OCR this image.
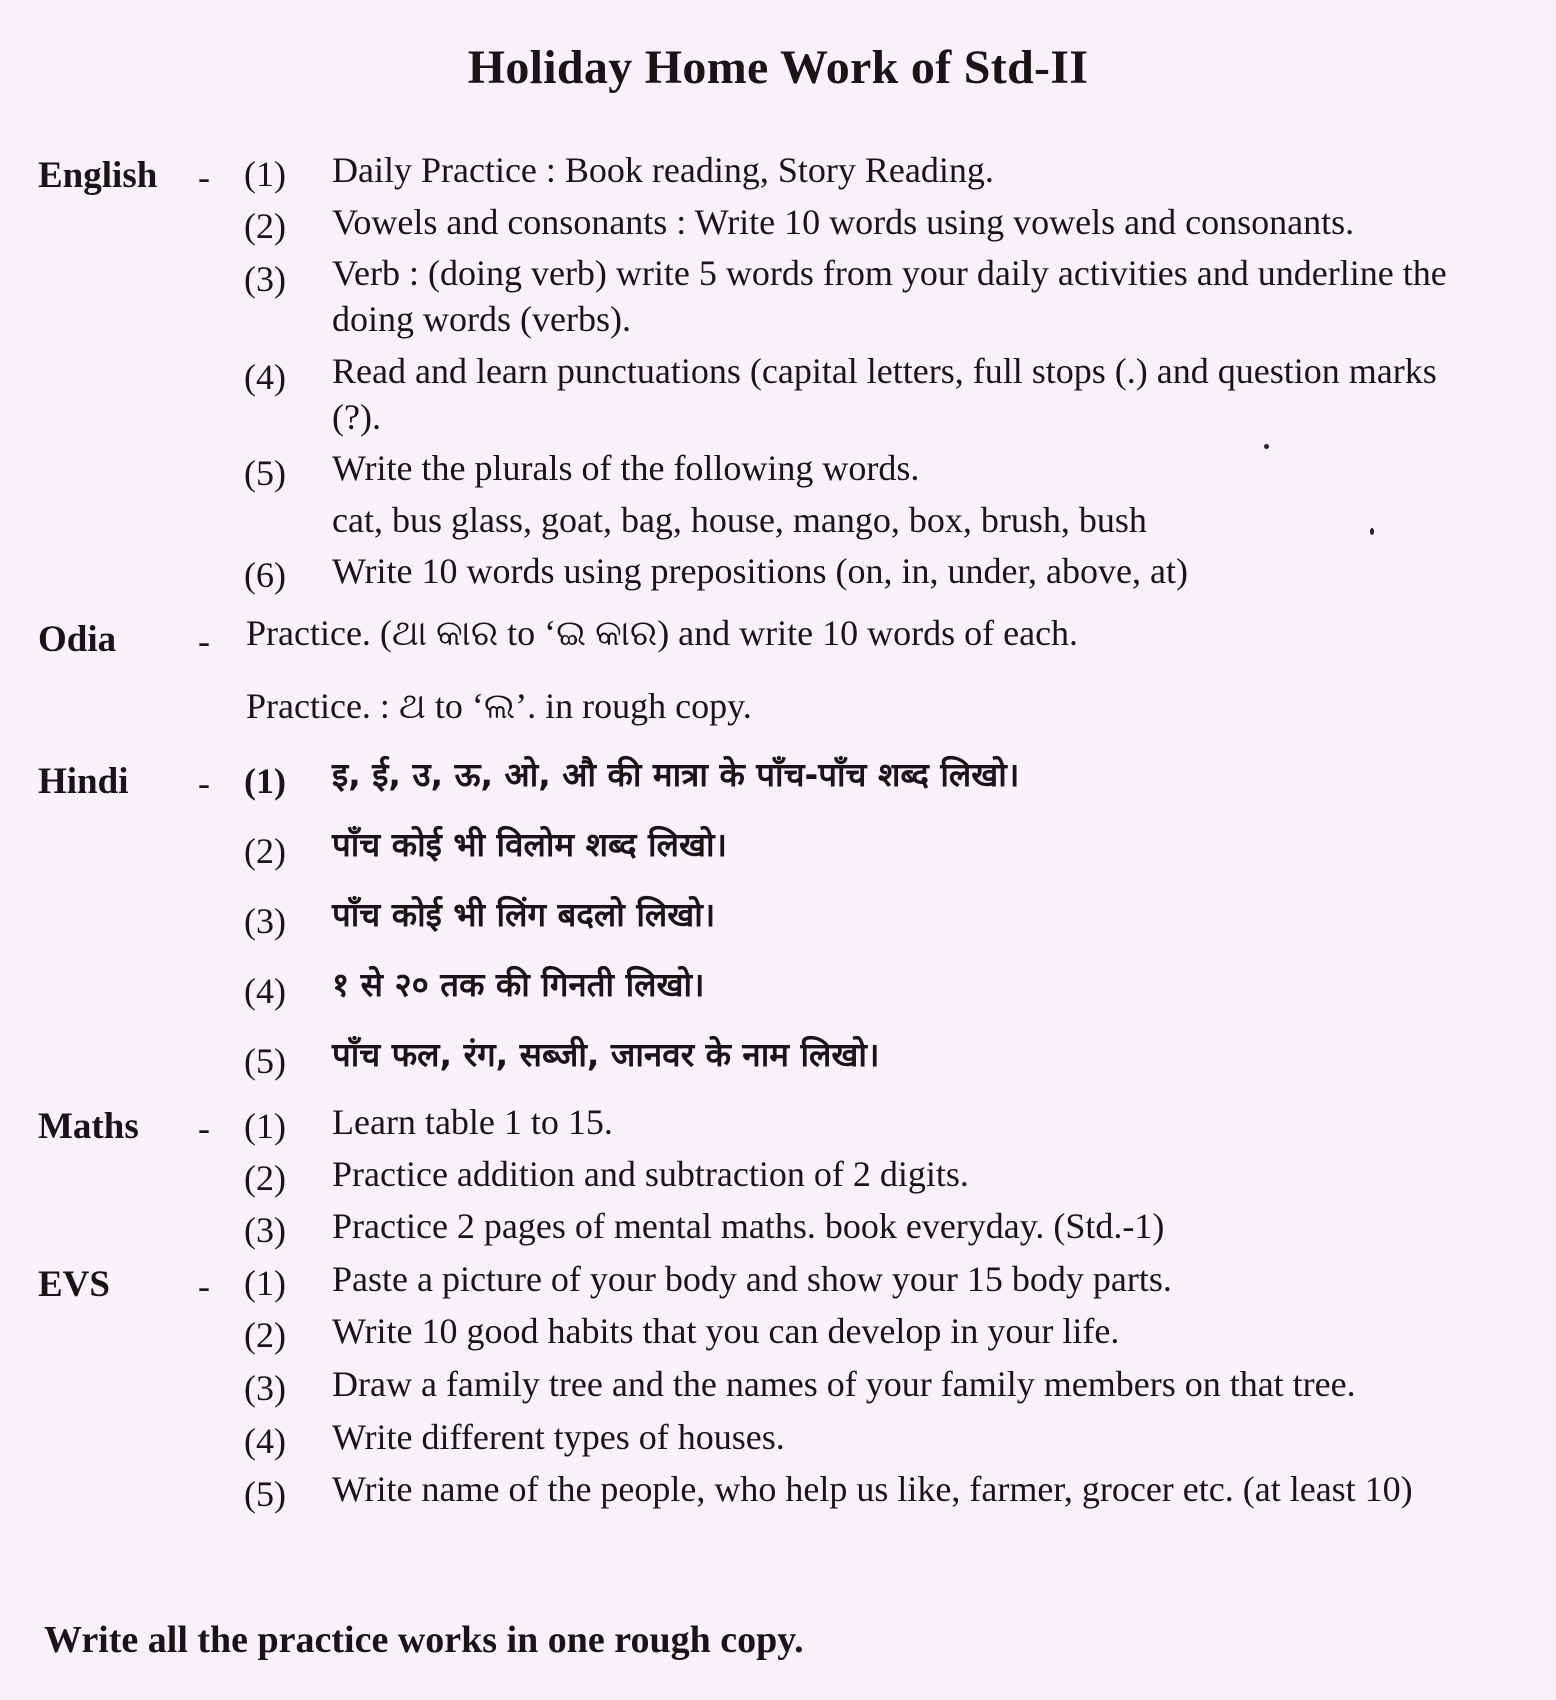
Holiday Home Work of Std-II
English - (1) Daily Practice : Book reading, Story Reading.
(2) Vowels and consonants : Write 10 words using vowels and consonants.
(3) Verb : (doing verb) write 5 words from your daily activities and underline the doing words (verbs).
(4) Read and learn punctuations (capital letters, full stops (.) and question marks (?).
(5) Write the plurals of the following words.
cat, bus glass, goat, bag, house, mango, box, brush, bush
(6) Write 10 words using prepositions (on, in, under, above, at)
Odia - Practice. (ଥା କାର to ‘ଇ କାର) and write 10 words of each.
Practice. : ଥ to ‘ଲ’. in rough copy.
Hindi - (1) इ, ई, उ, ऊ, ओ, औ की मात्रा के पाँच-पाँच शब्द लिखो।
(2) पाँच कोई भी विलोम शब्द लिखो।
(3) पाँच कोई भी लिंग बदलो लिखो।
(4) १ से २० तक की गिनती लिखो।
(5) पाँच फल, रंग, सब्जी, जानवर के नाम लिखो।
Maths - (1) Learn table 1 to 15.
(2) Practice addition and subtraction of 2 digits.
(3) Practice 2 pages of mental maths. book everyday. (Std.-1)
EVS - (1) Paste a picture of your body and show your 15 body parts.
(2) Write 10 good habits that you can develop in your life.
(3) Draw a family tree and the names of your family members on that tree.
(4) Write different types of houses.
(5) Write name of the people, who help us like, farmer, grocer etc. (at least 10)
Write all the practice works in one rough copy.
